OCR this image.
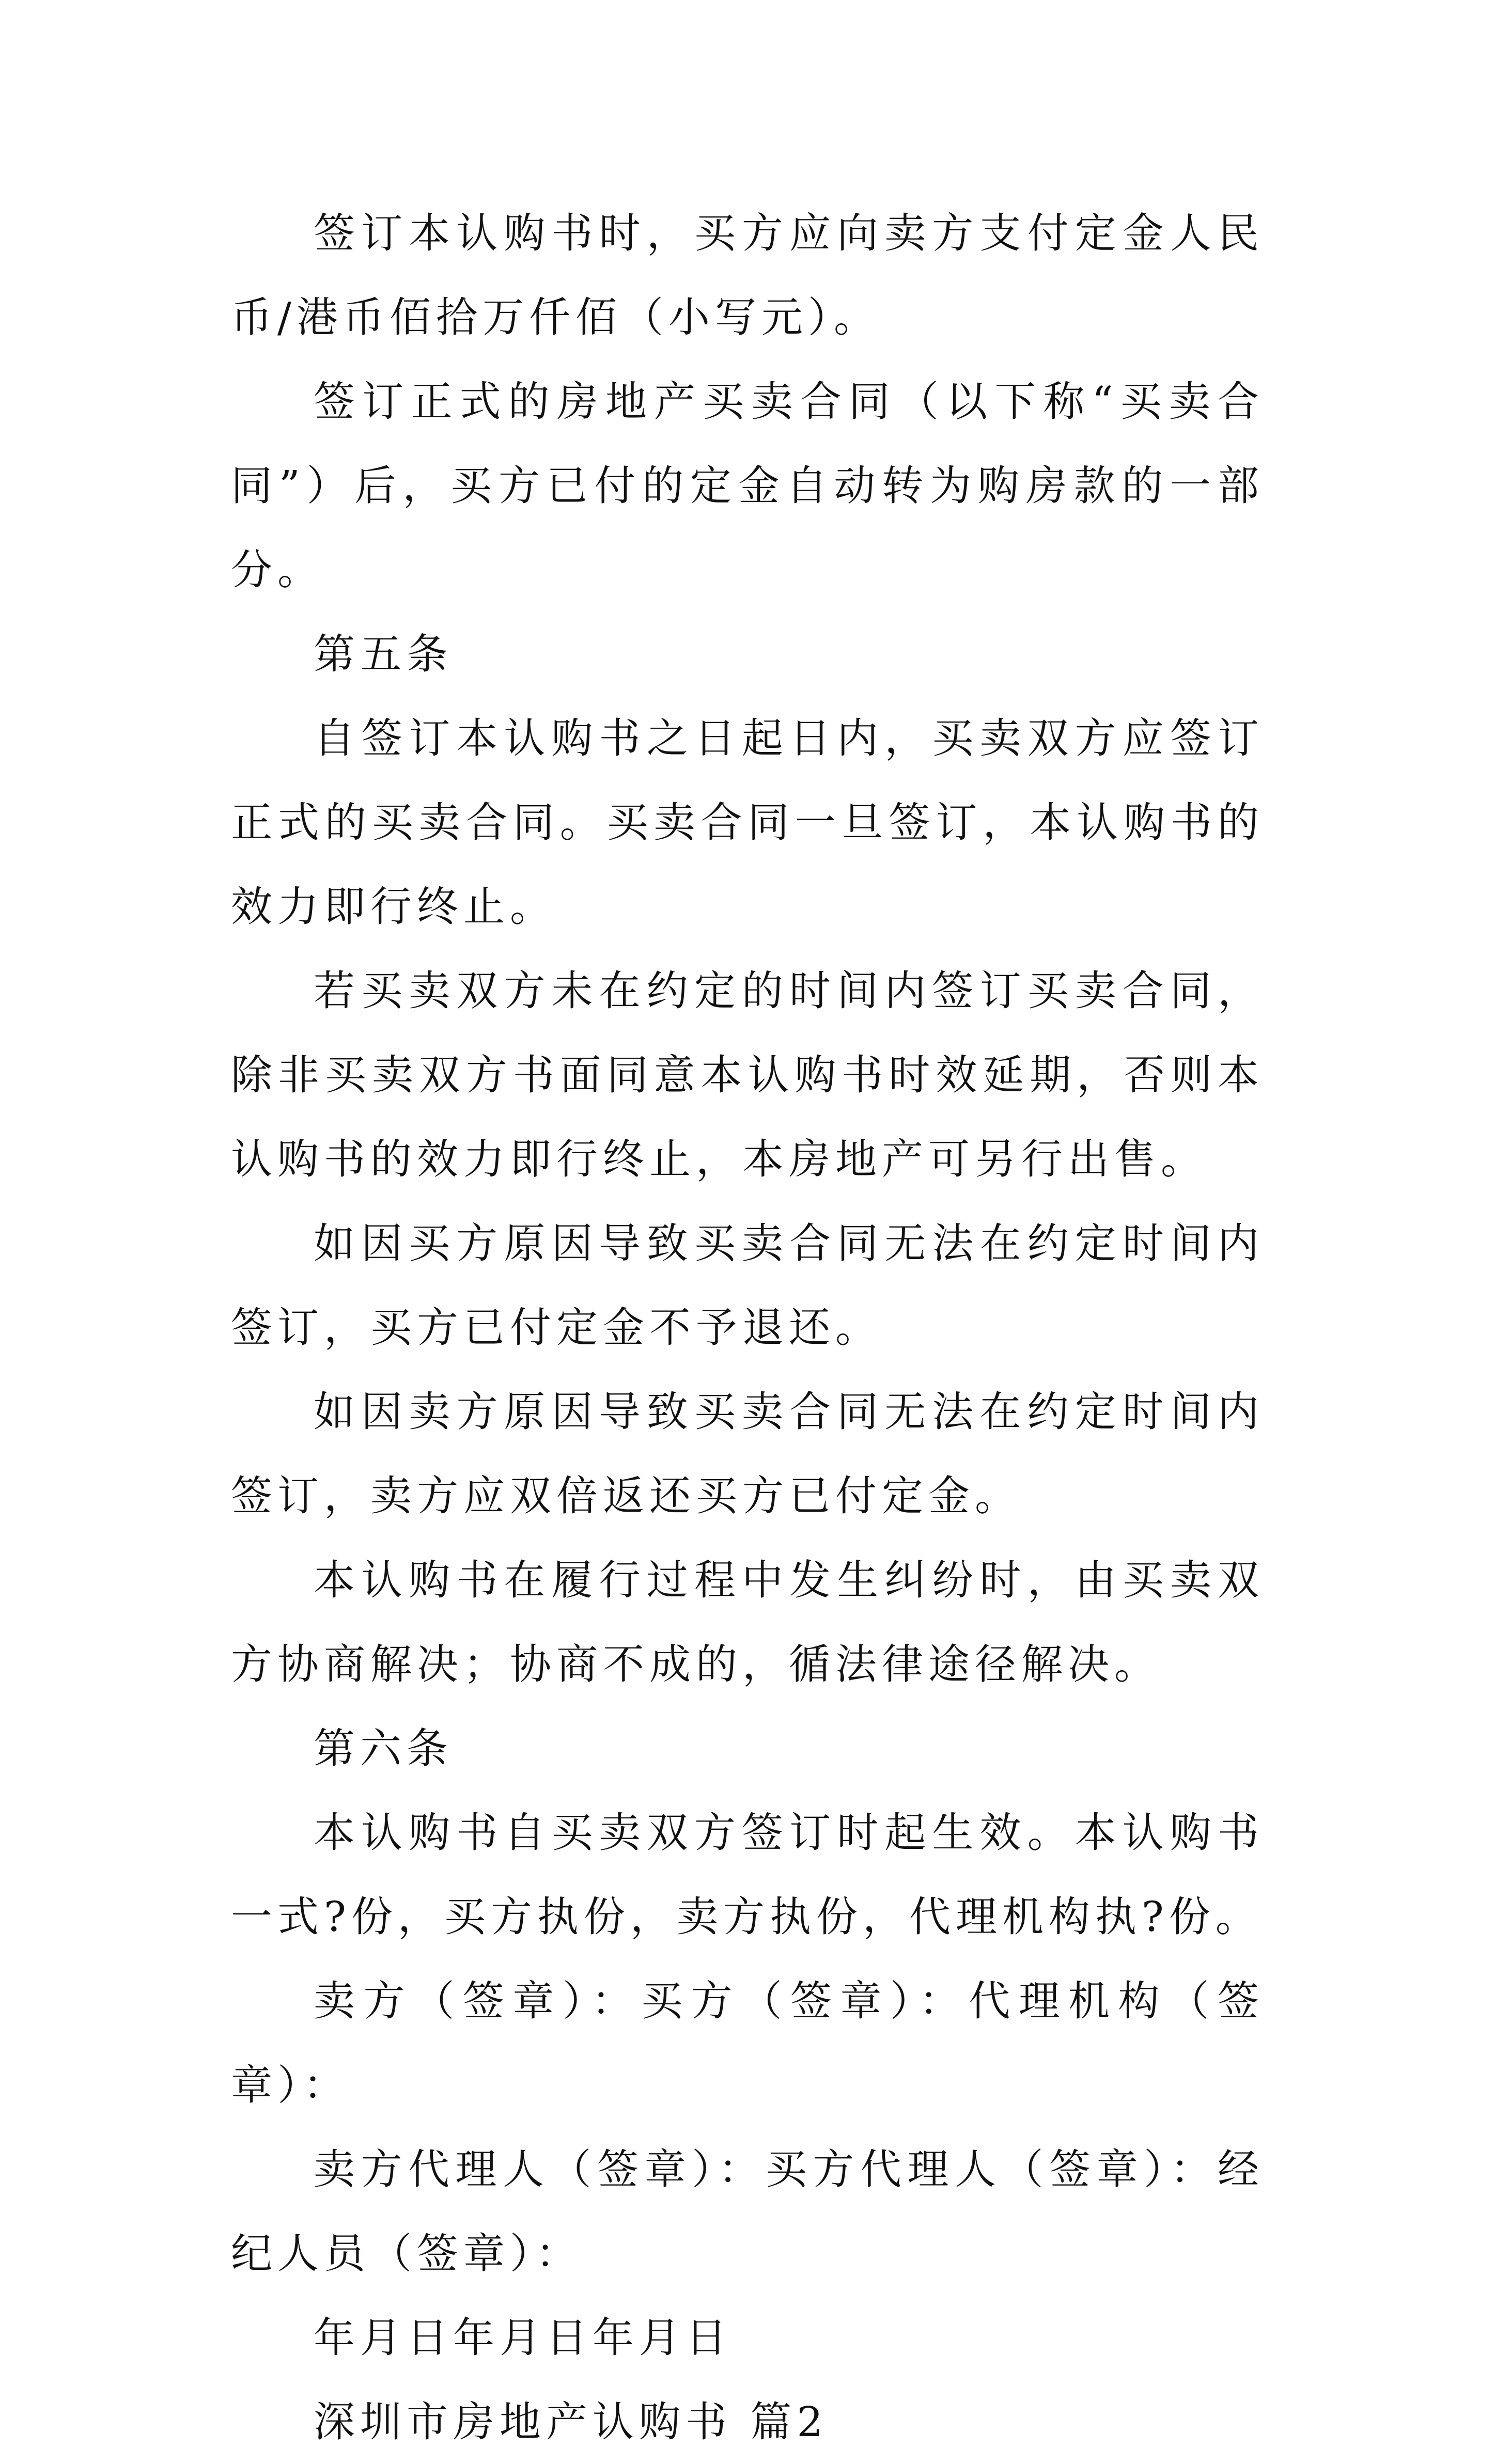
签订本认购书时，买方应向卖方支付定金人民币/港币佰拾万仟佰（小写元）。

签订正式的房地产买卖合同（以下称“买卖合同”）后，买方已付的定金自动转为购房款的一部分。

第五条

自签订本认购书之日起日内，买卖双方应签订正式的买卖合同。买卖合同一旦签订，本认购书的效力即行终止。

若买卖双方未在约定的时间内签订买卖合同，除非买卖双方书面同意本认购书时效延期，否则本认购书的效力即行终止，本房地产可另行出售。

如因买方原因导致买卖合同无法在约定时间内签订，买方已付定金不予退还。

如因卖方原因导致买卖合同无法在约定时间内签订，卖方应双倍返还买方已付定金。

本认购书在履行过程中发生纠纷时，由买卖双方协商解决；协商不成的，循法律途径解决。

第六条

本认购书自买卖双方签订时起生效。本认购书一式?份，买方执份，卖方执份，代理机构执?份。

卖方（签章）：买方（签章）：代理机构（签章）：

卖方代理人（签章）：买方代理人（签章）：经纪人员（签章）：

年月日年月日年月日

深圳市房地产认购书 篇2
